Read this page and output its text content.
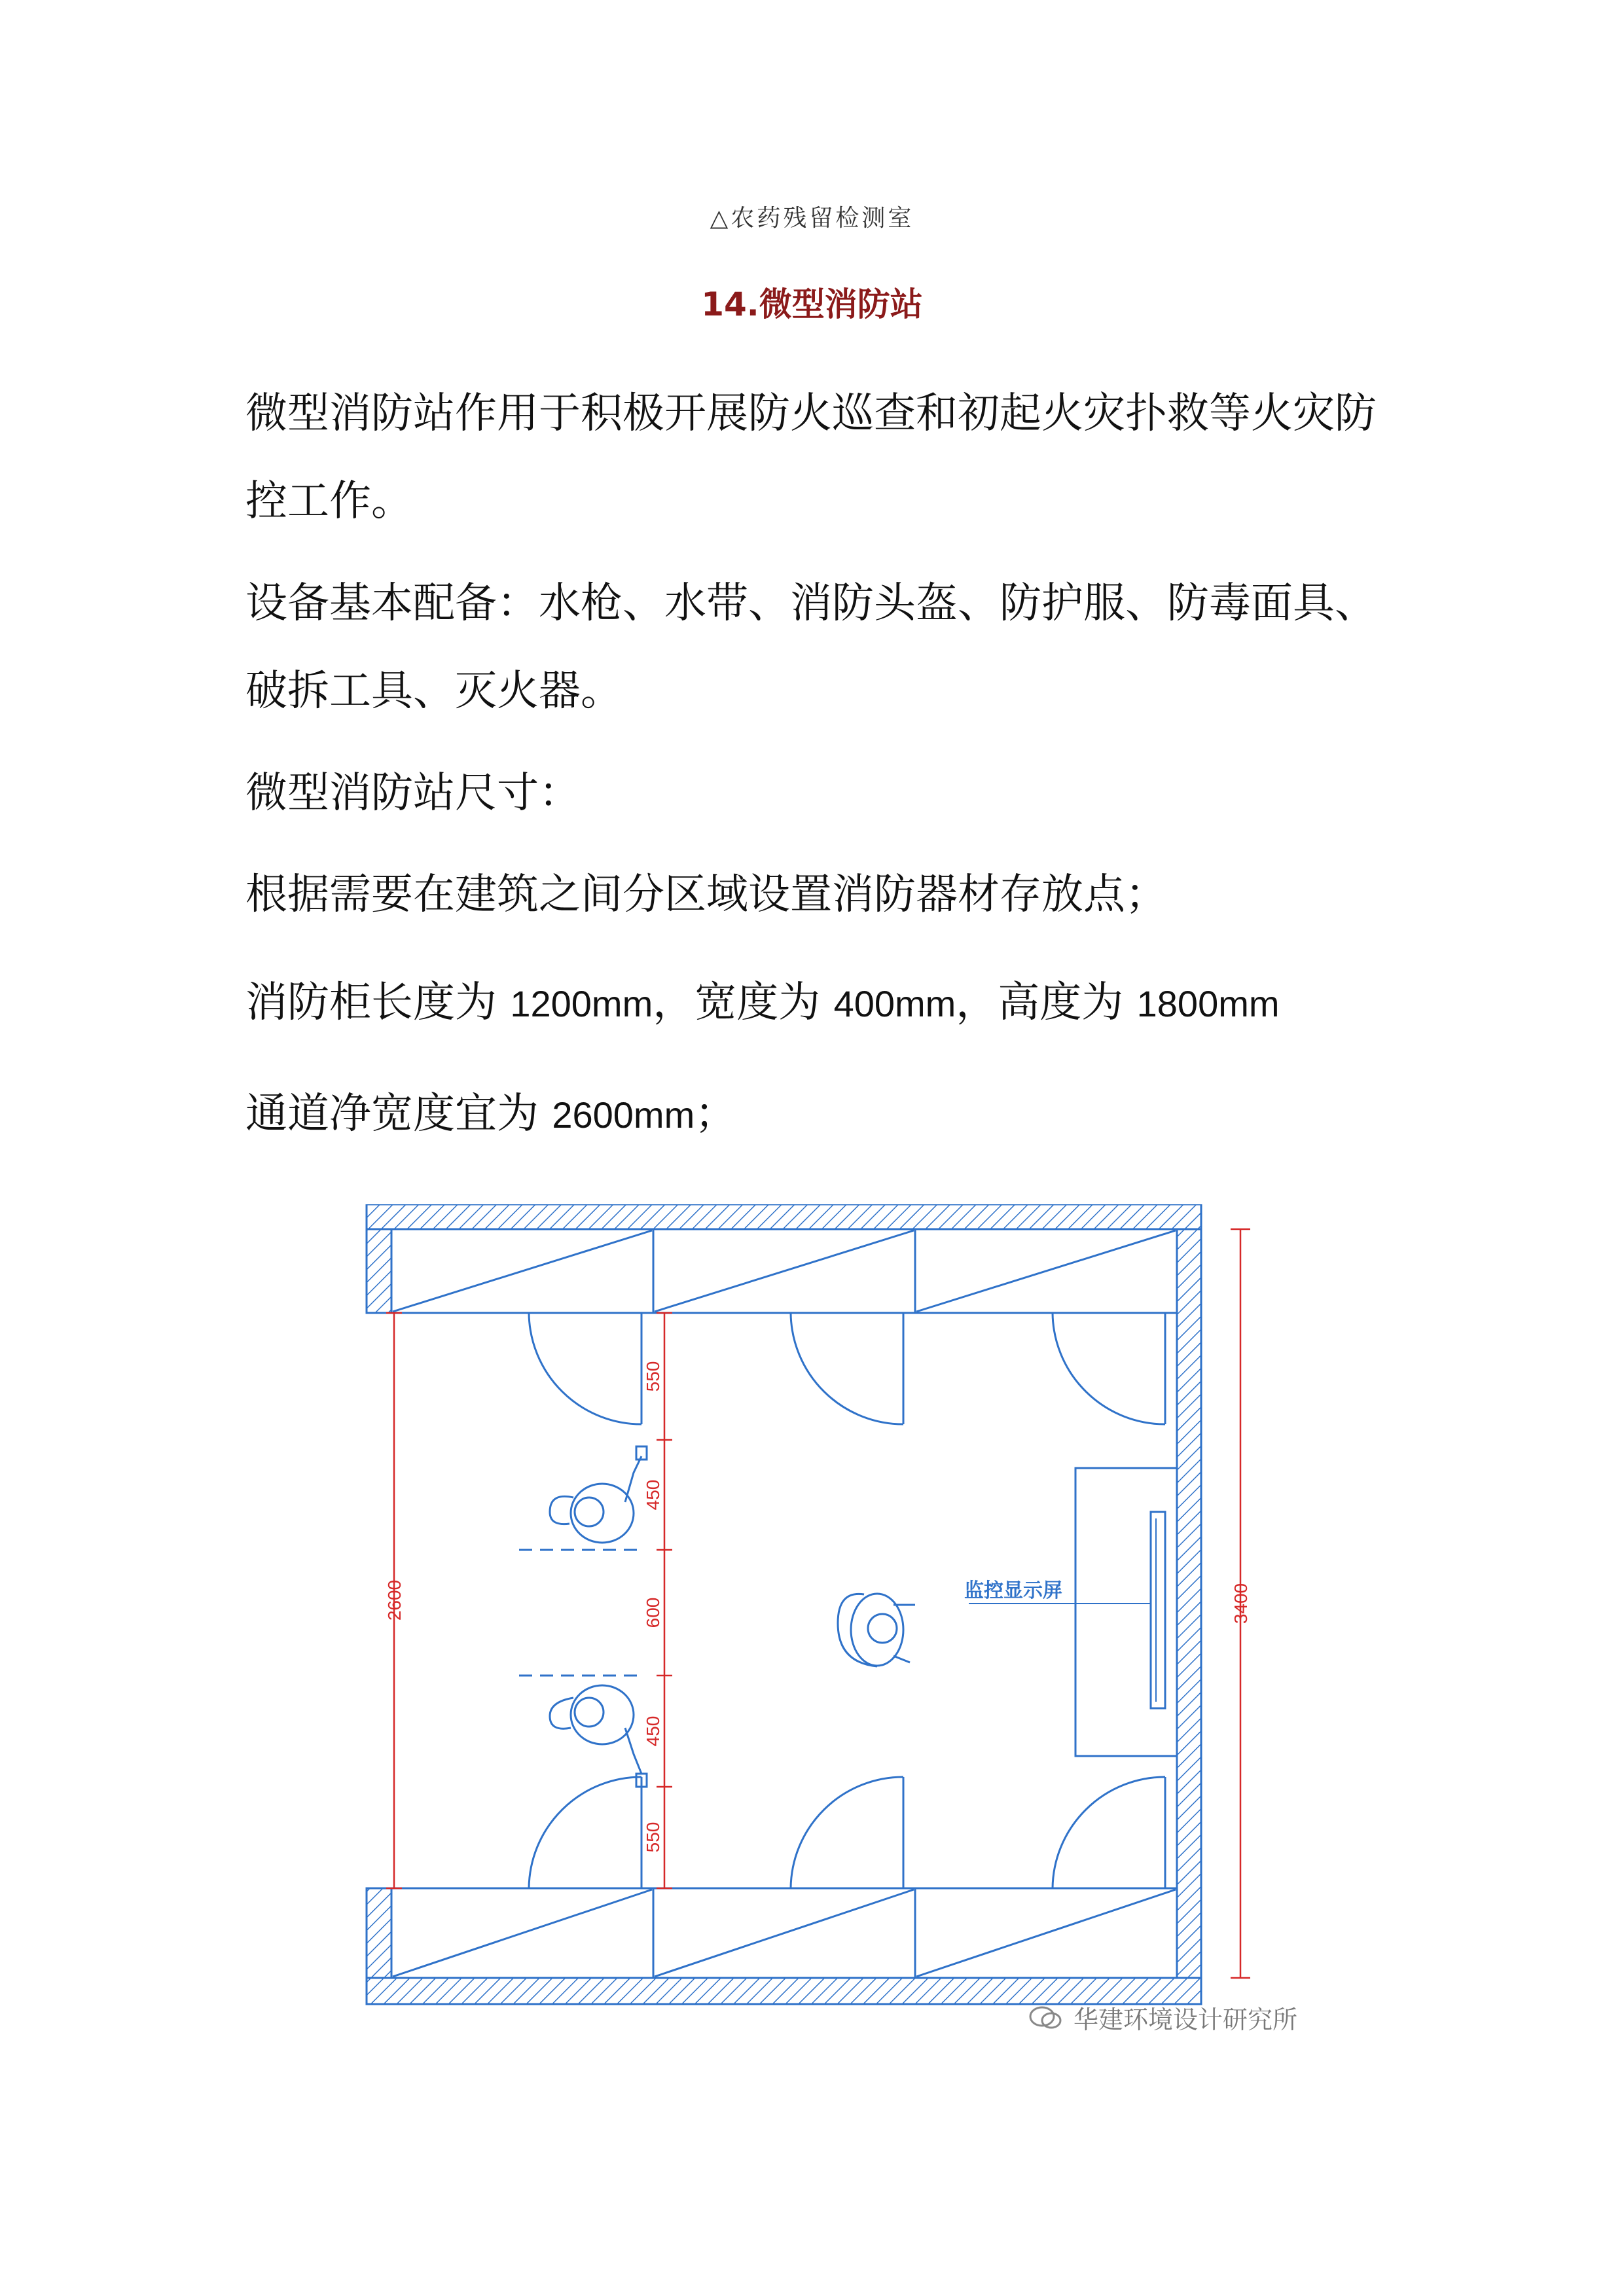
△农药残留检测室
14.微型消防站

微型消防站作用于积极开展防火巡查和初起火灾扑救等火灾防控工作。

设备基本配备：水枪、水带、消防头盔、防护服、防毒面具、破拆工具、灭火器。

微型消防站尺寸：

根据需要在建筑之间分区域设置消防器材存放点；

消防柜长度为 1200mm，宽度为 400mm，高度为 1800mm

通道净宽度宜为 2600mm；

2600	3400
550
450
600
450
550
监控显示屏
华建环境设计研究所
